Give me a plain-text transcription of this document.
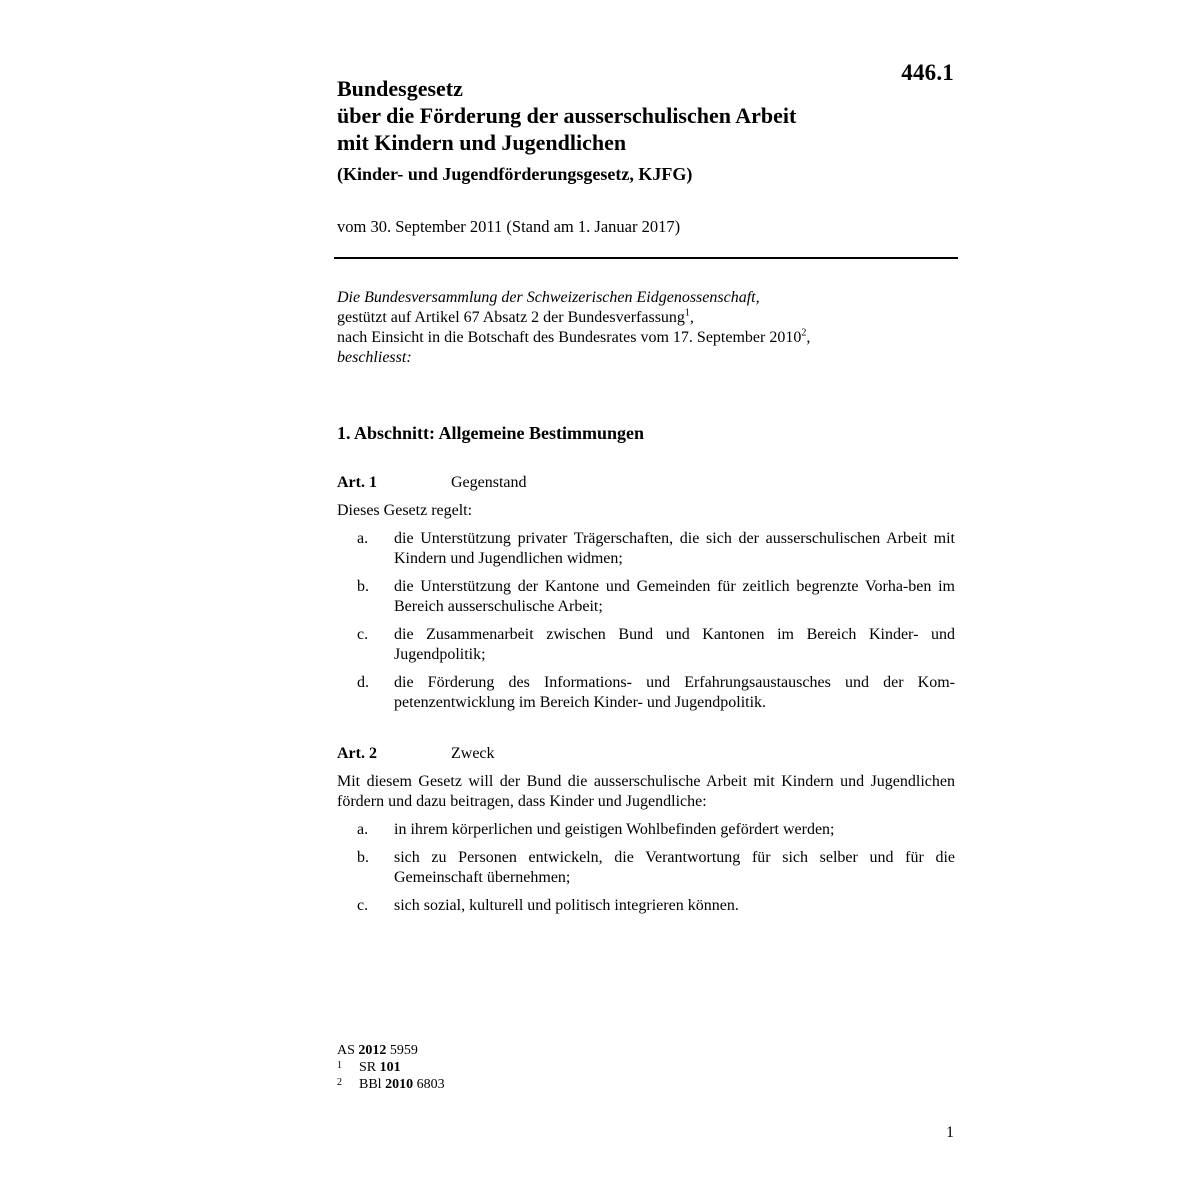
446.1
Bundesgesetz
über die Förderung der ausserschulischen Arbeit
mit Kindern und Jugendlichen
(Kinder- und Jugendförderungsgesetz, KJFG)
vom 30. September 2011 (Stand am 1. Januar 2017)
Die Bundesversammlung der Schweizerischen Eidgenossenschaft,
gestützt auf Artikel 67 Absatz 2 der Bundesverfassung$^1$,
nach Einsicht in die Botschaft des Bundesrates vom 17. September 2010$^2$,
beschliesst:
1. Abschnitt: Allgemeine Bestimmungen
Art. 1	Gegenstand
Dieses Gesetz regelt:
a.	die Unterstützung privater Trägerschaften, die sich der ausserschulischen Arbeit mit Kindern und Jugendlichen widmen;
b.	die Unterstützung der Kantone und Gemeinden für zeitlich begrenzte Vorha-ben im Bereich ausserschulische Arbeit;
c.	die Zusammenarbeit zwischen Bund und Kantonen im Bereich Kinder- und Jugendpolitik;
d.	die Förderung des Informations- und Erfahrungsaustausches und der Kom-petenzentwicklung im Bereich Kinder- und Jugendpolitik.
Art. 2	Zweck
Mit diesem Gesetz will der Bund die ausserschulische Arbeit mit Kindern und Jugendlichen fördern und dazu beitragen, dass Kinder und Jugendliche:
a.	in ihrem körperlichen und geistigen Wohlbefinden gefördert werden;
b.	sich zu Personen entwickeln, die Verantwortung für sich selber und für die Gemeinschaft übernehmen;
c.	sich sozial, kulturell und politisch integrieren können.
AS
2012
5959
1	SR 101
2	BBl 2010 6803
1
